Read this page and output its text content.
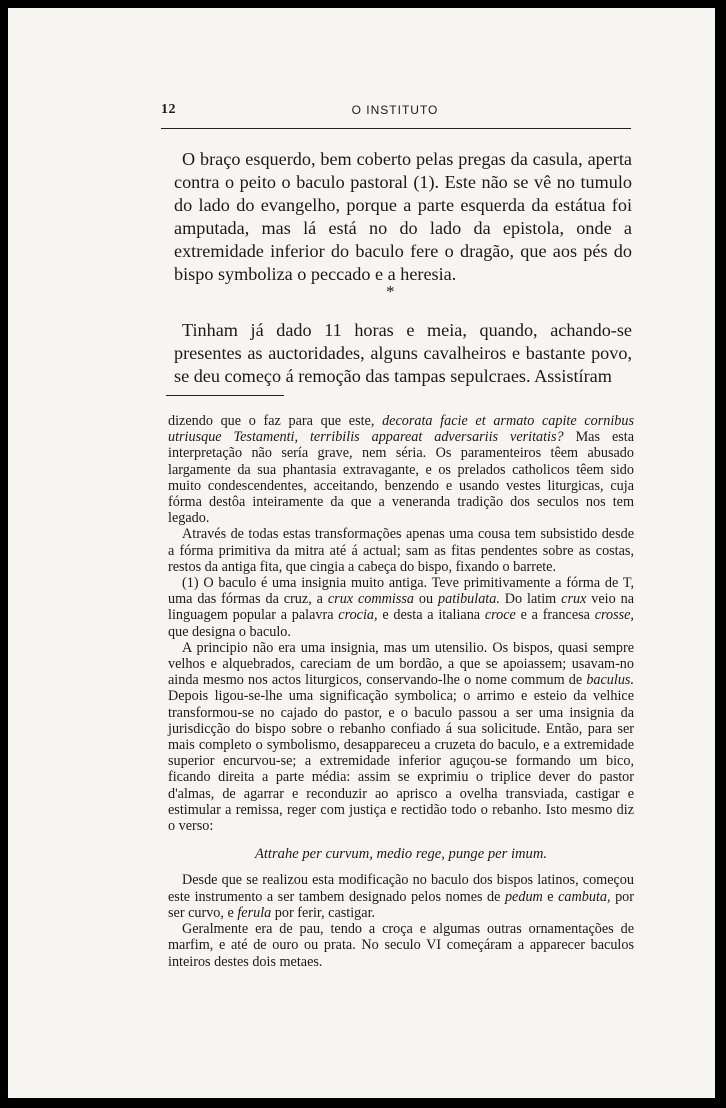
12	O INSTITUTO

O braço esquerdo, bem coberto pelas pregas da casula, aperta contra o peito o baculo pastoral (1). Este não se vê no tumulo do lado do evangelho, porque a parte esquerda da estátua foi amputada, mas lá está no do lado da epistola, onde a extremidade inferior do baculo fere o dragão, que aos pés do bispo symboliza o peccado e a heresia.

*

Tinham já dado 11 horas e meia, quando, achando-se presentes as auctoridades, alguns cavalheiros e bastante povo, se deu começo á remoção das tampas sepulcraes. Assistíram

dizendo que o faz para que este, decorata facie et armato capite cornibus utriusque Testamenti, terribilis appareat adversariis veritatis? Mas esta interpretação não sería grave, nem séria. Os paramenteiros têem abusado largamente da sua phantasia extravagante, e os prelados catholicos têem sido muito condescendentes, acceitando, benzendo e usando vestes liturgicas, cuja fórma destôa inteiramente da que a veneranda tradição dos seculos nos tem legado.

Através de todas estas transformações apenas uma cousa tem subsistido desde a fórma primitiva da mitra até á actual; sam as fitas pendentes sobre as costas, restos da antiga fita, que cingia a cabeça do bispo, fixando o barrete.

(1) O baculo é uma insignia muito antiga. Teve primitivamente a fórma de T, uma das fórmas da cruz, a crux commissa ou patibulata. Do latim crux veio na linguagem popular a palavra crocia, e desta a italiana croce e a francesa crosse, que designa o baculo.

A principio não era uma insignia, mas um utensilio. Os bispos, quasi sempre velhos e alquebrados, careciam de um bordão, a que se apoiassem; usavam-no ainda mesmo nos actos liturgicos, conservando-lhe o nome commum de baculus. Depois ligou-se-lhe uma significação symbolica; o arrimo e esteio da velhice transformou-se no cajado do pastor, e o baculo passou a ser uma insignia da jurisdicção do bispo sobre o rebanho confiado á sua solicitude. Então, para ser mais completo o symbolismo, desappareceu a cruzeta do baculo, e a extremidade superior encurvou-se; a extremidade inferior aguçou-se formando um bico, ficando direita a parte média: assim se exprimiu o triplice dever do pastor d'almas, de agarrar e reconduzir ao aprisco a ovelha transviada, castigar e estimular a remissa, reger com justiça e rectidão todo o rebanho. Isto mesmo diz o verso:

Attrahe per curvum, medio rege, punge per imum.

Desde que se realizou esta modificação no baculo dos bispos latinos, começou este instrumento a ser tambem designado pelos nomes de pedum e cambuta, por ser curvo, e ferula por ferir, castigar.

Geralmente era de pau, tendo a croça e algumas outras ornamentações de marfim, e até de ouro ou prata. No seculo VI começáram a apparecer baculos inteiros destes dois metaes.
